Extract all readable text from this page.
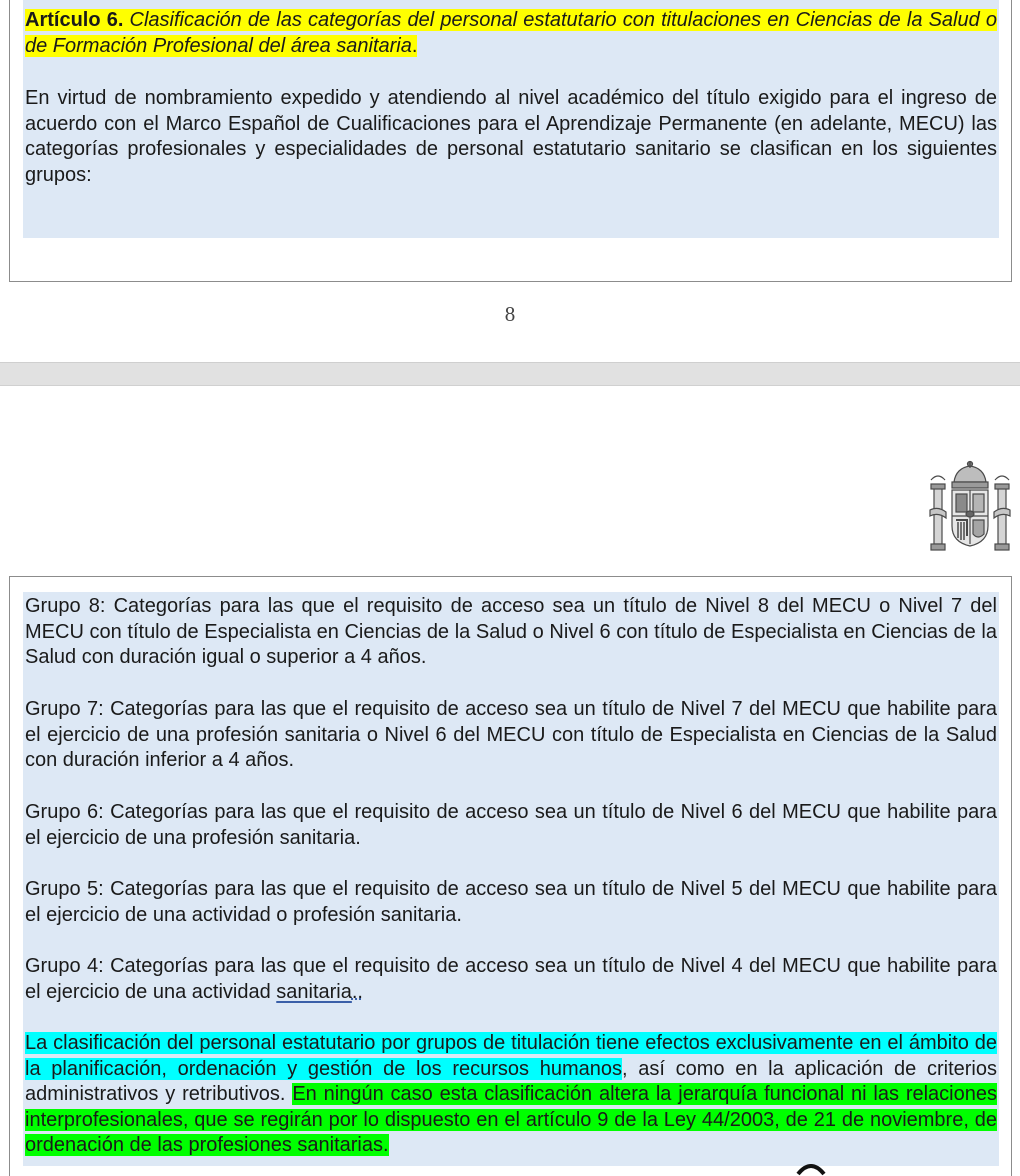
Artículo 6. Clasificación de las categorías del personal estatutario con titulaciones en Ciencias de la Salud o de Formación Profesional del área sanitaria.

En virtud de nombramiento expedido y atendiendo al nivel académico del título exigido para el ingreso de acuerdo con el Marco Español de Cualificaciones para el Aprendizaje Permanente (en adelante, MECU) las categorías profesionales y especialidades de personal estatutario sanitario se clasifican en los siguientes grupos:

8

Grupo 8: Categorías para las que el requisito de acceso sea un título de Nivel 8 del MECU o Nivel 7 del MECU con título de Especialista en Ciencias de la Salud o Nivel 6 con título de Especialista en Ciencias de la Salud con duración igual o superior a 4 años.

Grupo 7: Categorías para las que el requisito de acceso sea un título de Nivel 7 del MECU que habilite para el ejercicio de una profesión sanitaria o Nivel 6 del MECU con título de Especialista en Ciencias de la Salud con duración inferior a 4 años.

Grupo 6: Categorías para las que el requisito de acceso sea un título de Nivel 6 del MECU que habilite para el ejercicio de una profesión sanitaria.

Grupo 5: Categorías para las que el requisito de acceso sea un título de Nivel 5 del MECU que habilite para el ejercicio de una actividad o profesión sanitaria.

Grupo 4: Categorías para las que el requisito de acceso sea un título de Nivel 4 del MECU que habilite para el ejercicio de una actividad sanitaria..

La clasificación del personal estatutario por grupos de titulación tiene efectos exclusivamente en el ámbito de la planificación, ordenación y gestión de los recursos humanos, así como en la aplicación de criterios administrativos y retributivos. En ningún caso esta clasificación altera la jerarquía funcional ni las relaciones interprofesionales, que se regirán por lo dispuesto en el artículo 9 de la Ley 44/2003, de 21 de noviembre, de ordenación de las profesiones sanitarias.
